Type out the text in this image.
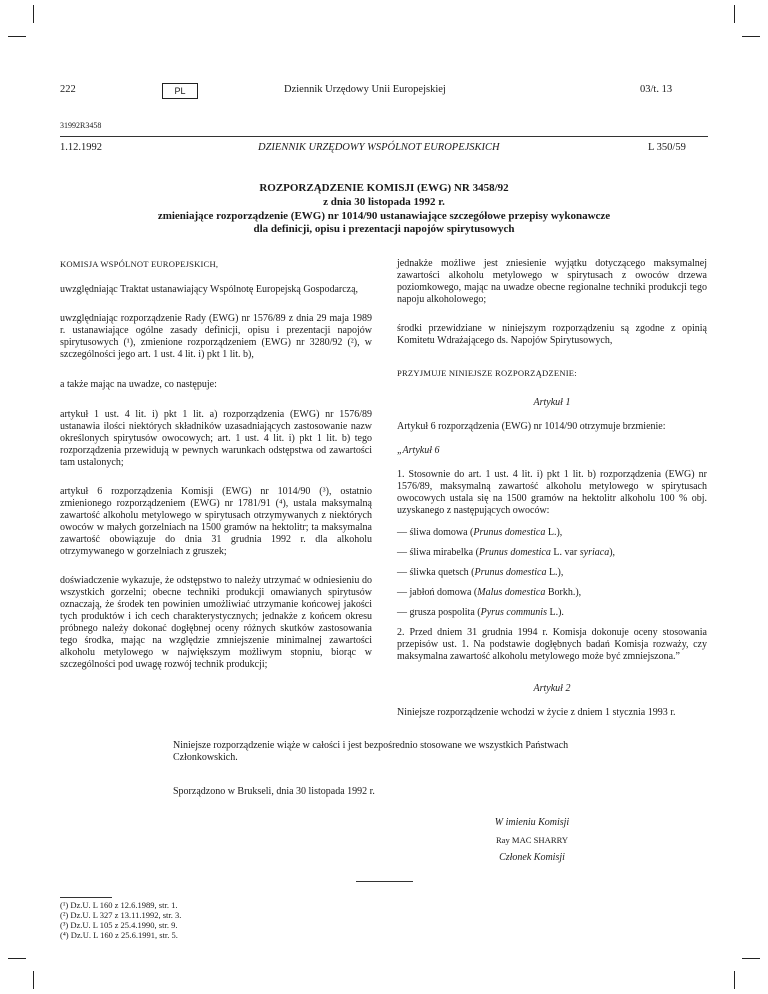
222	PL	Dziennik Urzędowy Unii Europejskiej	03/t. 13
31992R3458
1.12.1992	DZIENNIK URZĘDOWY WSPÓLNOT EUROPEJSKICH	L 350/59
ROZPORZĄDZENIE KOMISJI (EWG) NR 3458/92
z dnia 30 listopada 1992 r.
zmieniające rozporządzenie (EWG) nr 1014/90 ustanawiające szczegółowe przepisy wykonawcze
dla definicji, opisu i prezentacji napojów spirytusowych

KOMISJA WSPÓLNOT EUROPEJSKICH,

uwzględniając Traktat ustanawiający Wspólnotę Europejską Gospodarczą,

uwzględniając rozporządzenie Rady (EWG) nr 1576/89 z dnia 29 maja 1989 r. ustanawiające ogólne zasady definicji, opisu i prezentacji napojów spirytusowych (¹), zmienione rozporządzeniem (EWG) nr 3280/92 (²), w szczególności jego art. 1 ust. 4 lit. i) pkt 1 lit. b),

a także mając na uwadze, co następuje:

artykuł 1 ust. 4 lit. i) pkt 1 lit. a) rozporządzenia (EWG) nr 1576/89 ustanawia ilości niektórych składników uzasadniających zastosowanie nazw określonych spirytusów owocowych; art. 1 ust. 4 lit. i) pkt 1 lit. b) tego rozporządzenia przewidują w pewnych warunkach odstępstwa od zawartości tam ustalonych;

artykuł 6 rozporządzenia Komisji (EWG) nr 1014/90 (³), ostatnio zmienionego rozporządzeniem (EWG) nr 1781/91 (⁴), ustala maksymalną zawartość alkoholu metylowego w spirytusach otrzymywanych z niektórych owoców w małych gorzelniach na 1500 gramów na hektolitr; ta maksymalna zawartość obowiązuje do dnia 31 grudnia 1992 r. dla alkoholu otrzymywanego w gorzelniach z gruszek;

doświadczenie wykazuje, że odstępstwo to należy utrzymać w odniesieniu do wszystkich gorzelni; obecne techniki produkcji omawianych spirytusów oznaczają, że środek ten powinien umożliwiać utrzymanie końcowej jakości tych produktów i ich cech charakterystycznych; jednakże z końcem okresu próbnego należy dokonać dogłębnej oceny różnych skutków zastosowania tego środka, mając na względzie zmniejszenie minimalnej zawartości alkoholu metylowego w największym możliwym stopniu, biorąc w szczególności pod uwagę rozwój technik produkcji;

jednakże możliwe jest zniesienie wyjątku dotyczącego maksymalnej zawartości alkoholu metylowego w spirytusach z owoców drzewa poziomkowego, mając na uwadze obecne regionalne techniki produkcji tego napoju alkoholowego;

środki przewidziane w niniejszym rozporządzeniu są zgodne z opinią Komitetu Wdrażającego ds. Napojów Spirytusowych,

PRZYJMUJE NINIEJSZE ROZPORZĄDZENIE:

Artykuł 1

Artykuł 6 rozporządzenia (EWG) nr 1014/90 otrzymuje brzmienie:

„Artykuł 6

1. Stosownie do art. 1 ust. 4 lit. i) pkt 1 lit. b) rozporządzenia (EWG) nr 1576/89, maksymalną zawartość alkoholu metylowego w spirytusach owocowych ustala się na 1500 gramów na hektolitr alkoholu 100 % obj. uzyskanego z następujących owoców:

— śliwa domowa (Prunus domestica L.),
— śliwa mirabelka (Prunus domestica L. var syriaca),
— śliwka quetsch (Prunus domestica L.),
— jabłoń domowa (Malus domestica Borkh.),
— grusza pospolita (Pyrus communis L.).

2. Przed dniem 31 grudnia 1994 r. Komisja dokonuje oceny stosowania przepisów ust. 1. Na podstawie dogłębnych badań Komisja rozważy, czy maksymalna zawartość alkoholu metylowego może być zmniejszona.”

Artykuł 2

Niniejsze rozporządzenie wchodzi w życie z dniem 1 stycznia 1993 r.

Niniejsze rozporządzenie wiąże w całości i jest bezpośrednio stosowane we wszystkich Państwach Członkowskich.
Sporządzono w Brukseli, dnia 30 listopada 1992 r.
W imieniu Komisji
Ray MAC SHARRY
Członek Komisji
(¹) Dz.U. L 160 z 12.6.1989, str. 1.
(²) Dz.U. L 327 z 13.11.1992, str. 3.
(³) Dz.U. L 105 z 25.4.1990, str. 9.
(⁴) Dz.U. L 160 z 25.6.1991, str. 5.
